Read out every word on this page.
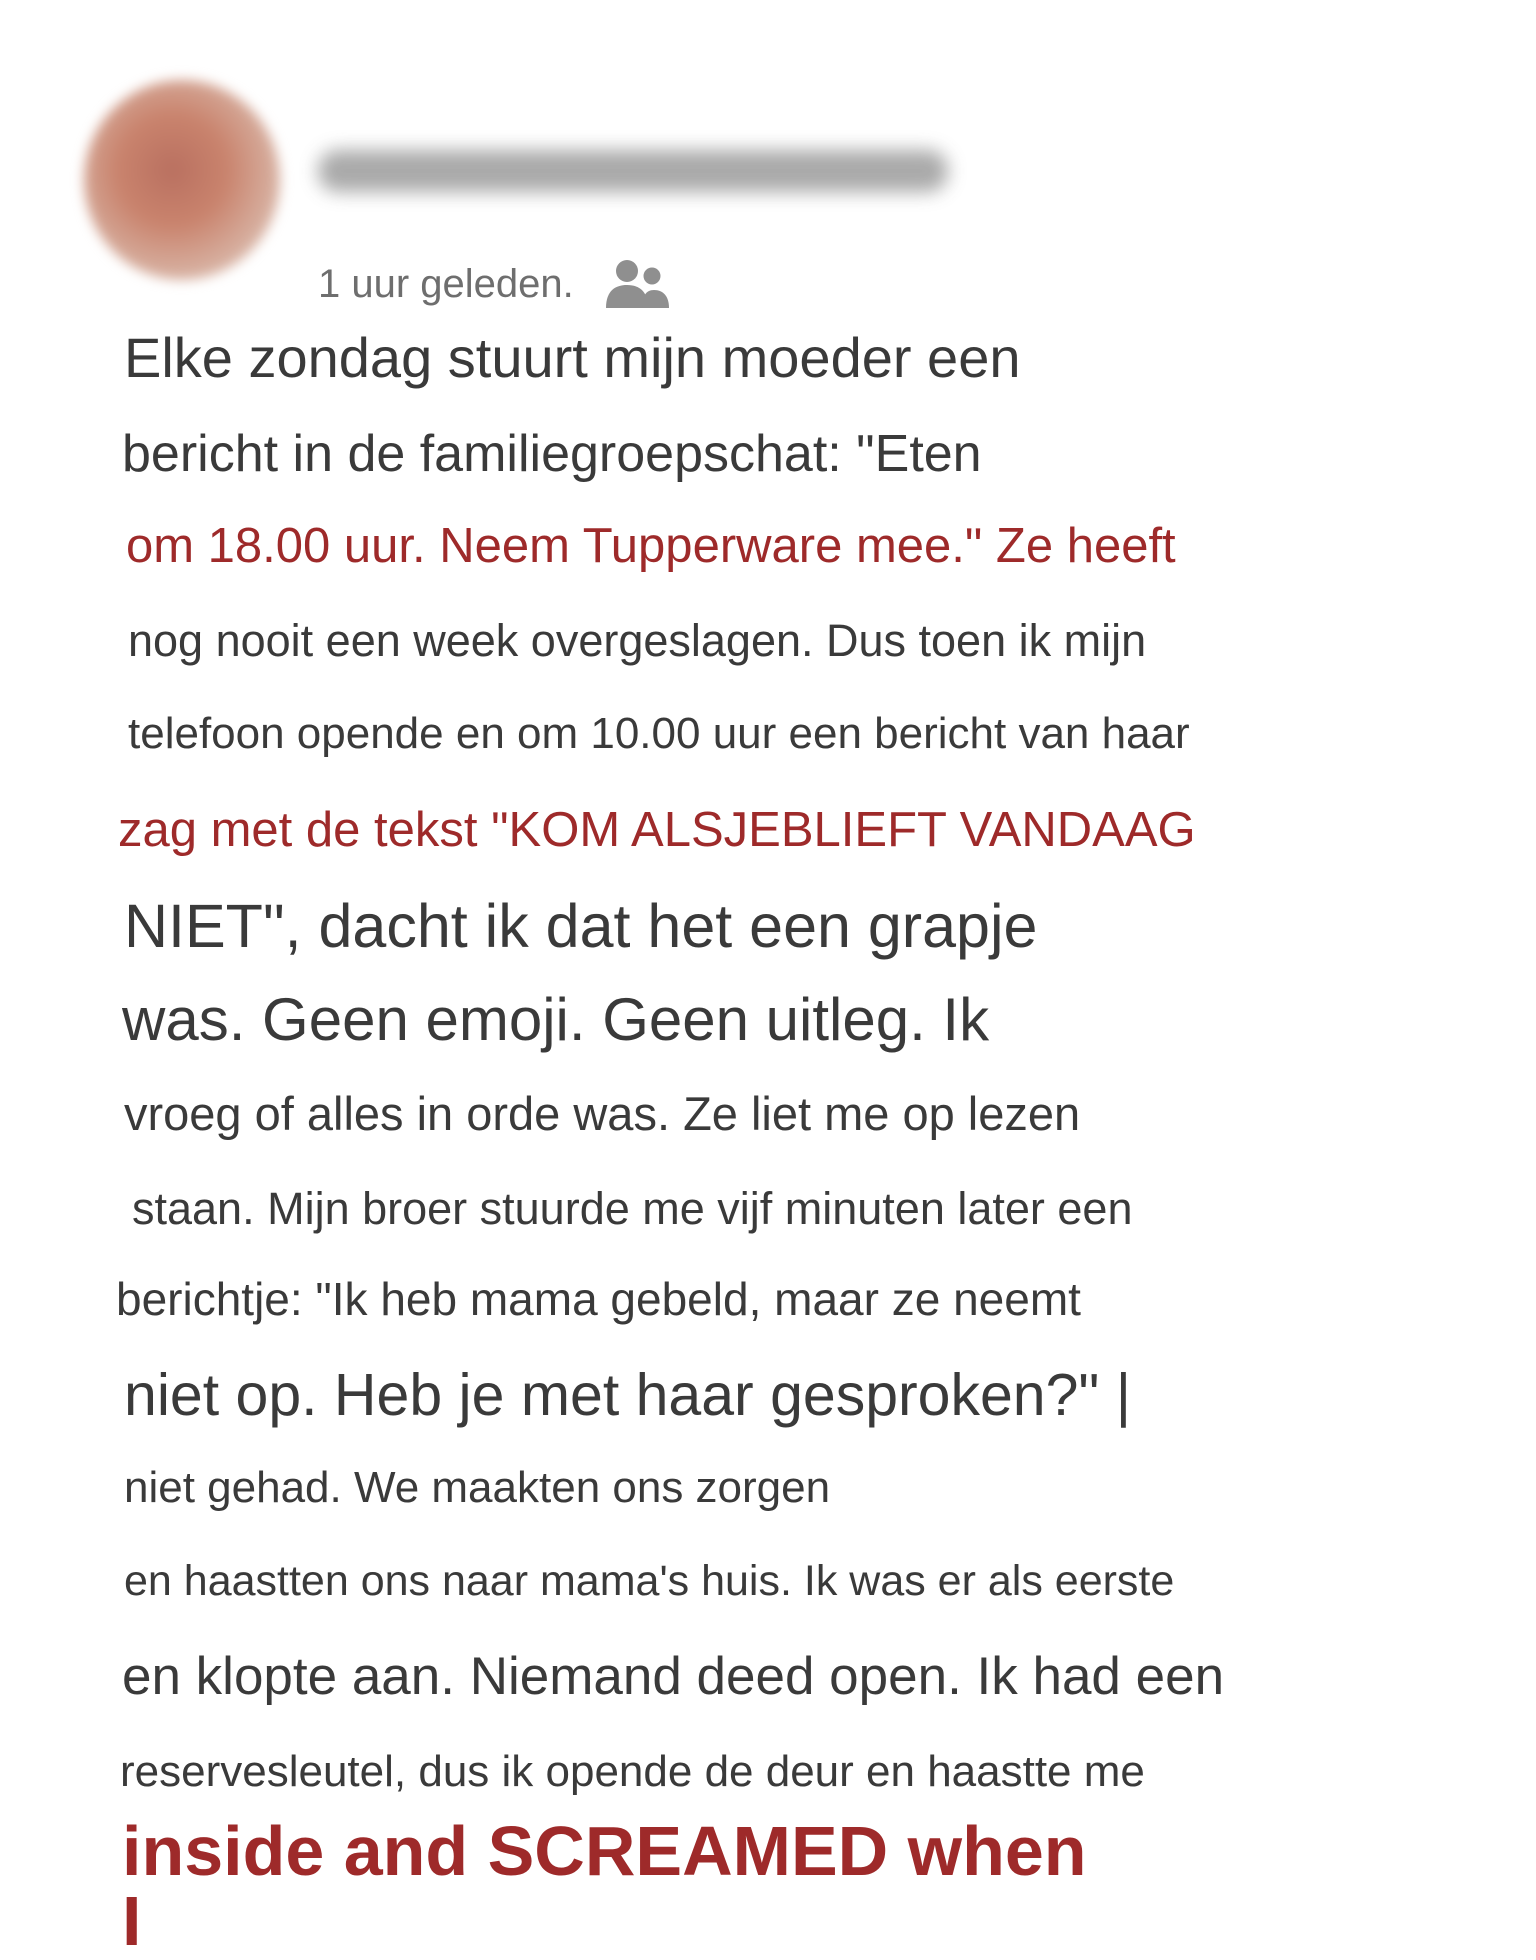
1 uur geleden.
Elke zondag stuurt mijn moeder een
bericht in de familiegroepschat: "Eten
om 18.00 uur. Neem Tupperware mee." Ze heeft
nog nooit een week overgeslagen. Dus toen ik mijn
telefoon opende en om 10.00 uur een bericht van haar
zag met de tekst "KOM ALSJEBLIEFT VANDAAG
NIET", dacht ik dat het een grapje
was. Geen emoji. Geen uitleg. Ik
vroeg of alles in orde was. Ze liet me op lezen
staan. Mijn broer stuurde me vijf minuten later een
berichtje: "Ik heb mama gebeld, maar ze neemt
niet op. Heb je met haar gesproken?" |
niet gehad. We maakten ons zorgen
en haastten ons naar mama's huis. Ik was er als eerste
en klopte aan. Niemand deed open. Ik had een
reservesleutel, dus ik opende de deur en haastte me
inside and SCREAMED when I
